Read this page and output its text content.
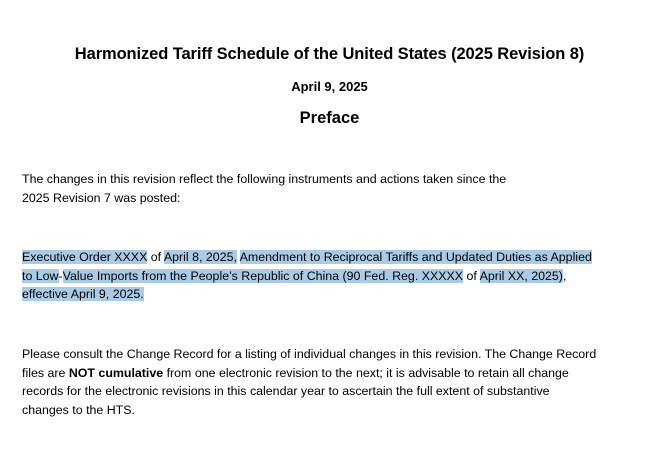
Harmonized Tariff Schedule of the United States (2025 Revision 8)
April 9, 2025
Preface
The changes in this revision reflect the following instruments and actions taken since the
2025 Revision 7 was posted:
Executive Order XXXX of April 8, 2025, Amendment to Reciprocal Tariffs and Updated Duties as Applied
to Low-Value Imports from the People’s Republic of China (90 Fed. Reg. XXXXX of April XX, 2025),
effective April 9, 2025.
Please consult the Change Record for a listing of individual changes in this revision. The Change Record
files are NOT cumulative from one electronic revision to the next; it is advisable to retain all change
records for the electronic revisions in this calendar year to ascertain the full extent of substantive
changes to the HTS.
